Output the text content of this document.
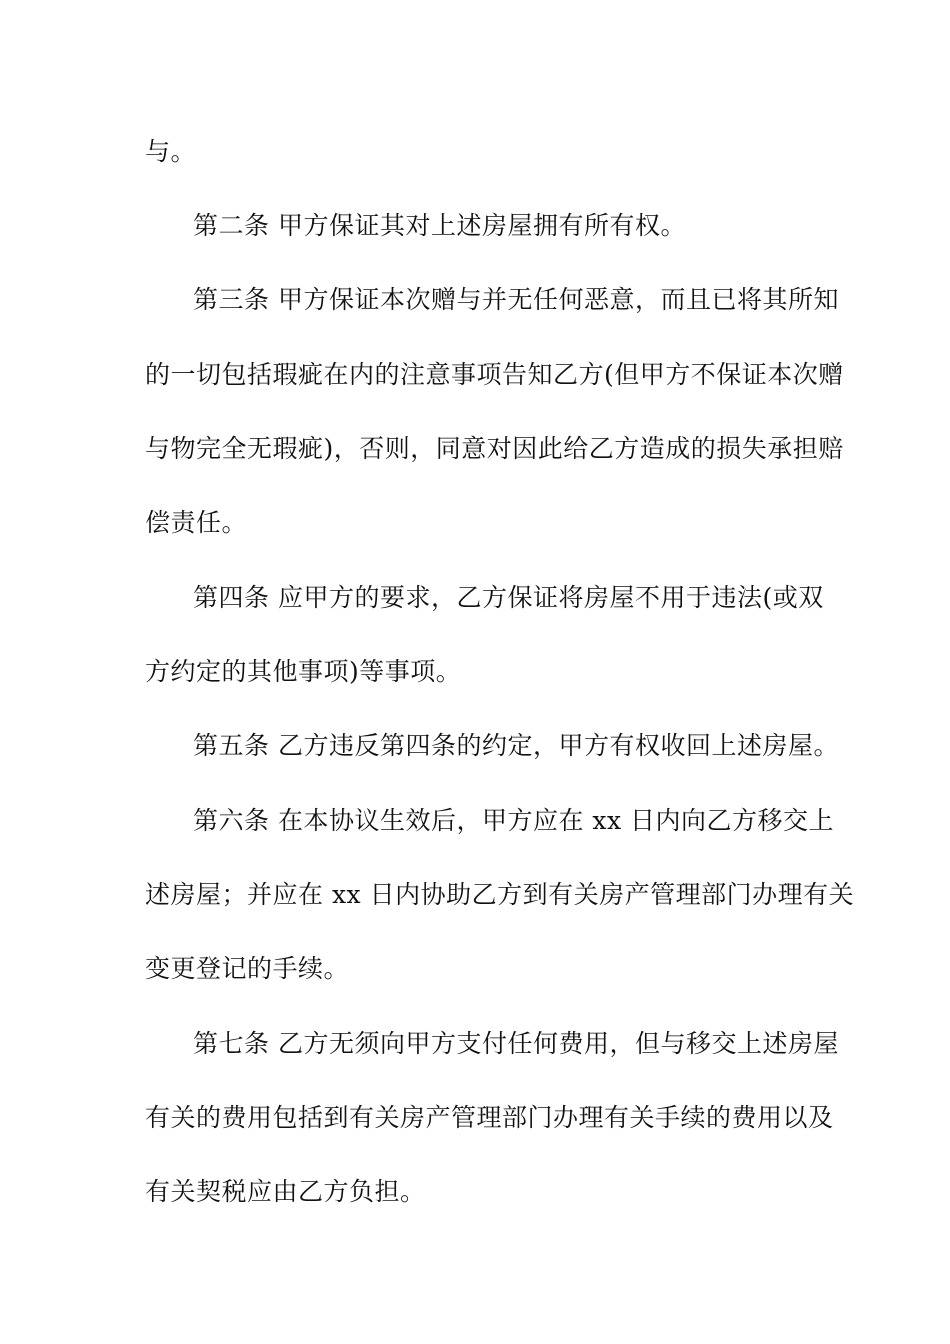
与。

第二条 甲方保证其对上述房屋拥有所有权。

第三条 甲方保证本次赠与并无任何恶意，而且已将其所知

的一切包括瑕疵在内的注意事项告知乙方(但甲方不保证本次赠

与物完全无瑕疵)，否则，同意对因此给乙方造成的损失承担赔

偿责任。

第四条 应甲方的要求，乙方保证将房屋不用于违法(或双

方约定的其他事项)等事项。

第五条 乙方违反第四条的约定，甲方有权收回上述房屋。

第六条 在本协议生效后，甲方应在 xx 日内向乙方移交上

述房屋；并应在 xx 日内协助乙方到有关房产管理部门办理有关

变更登记的手续。

第七条 乙方无须向甲方支付任何费用，但与移交上述房屋

有关的费用包括到有关房产管理部门办理有关手续的费用以及

有关契税应由乙方负担。
